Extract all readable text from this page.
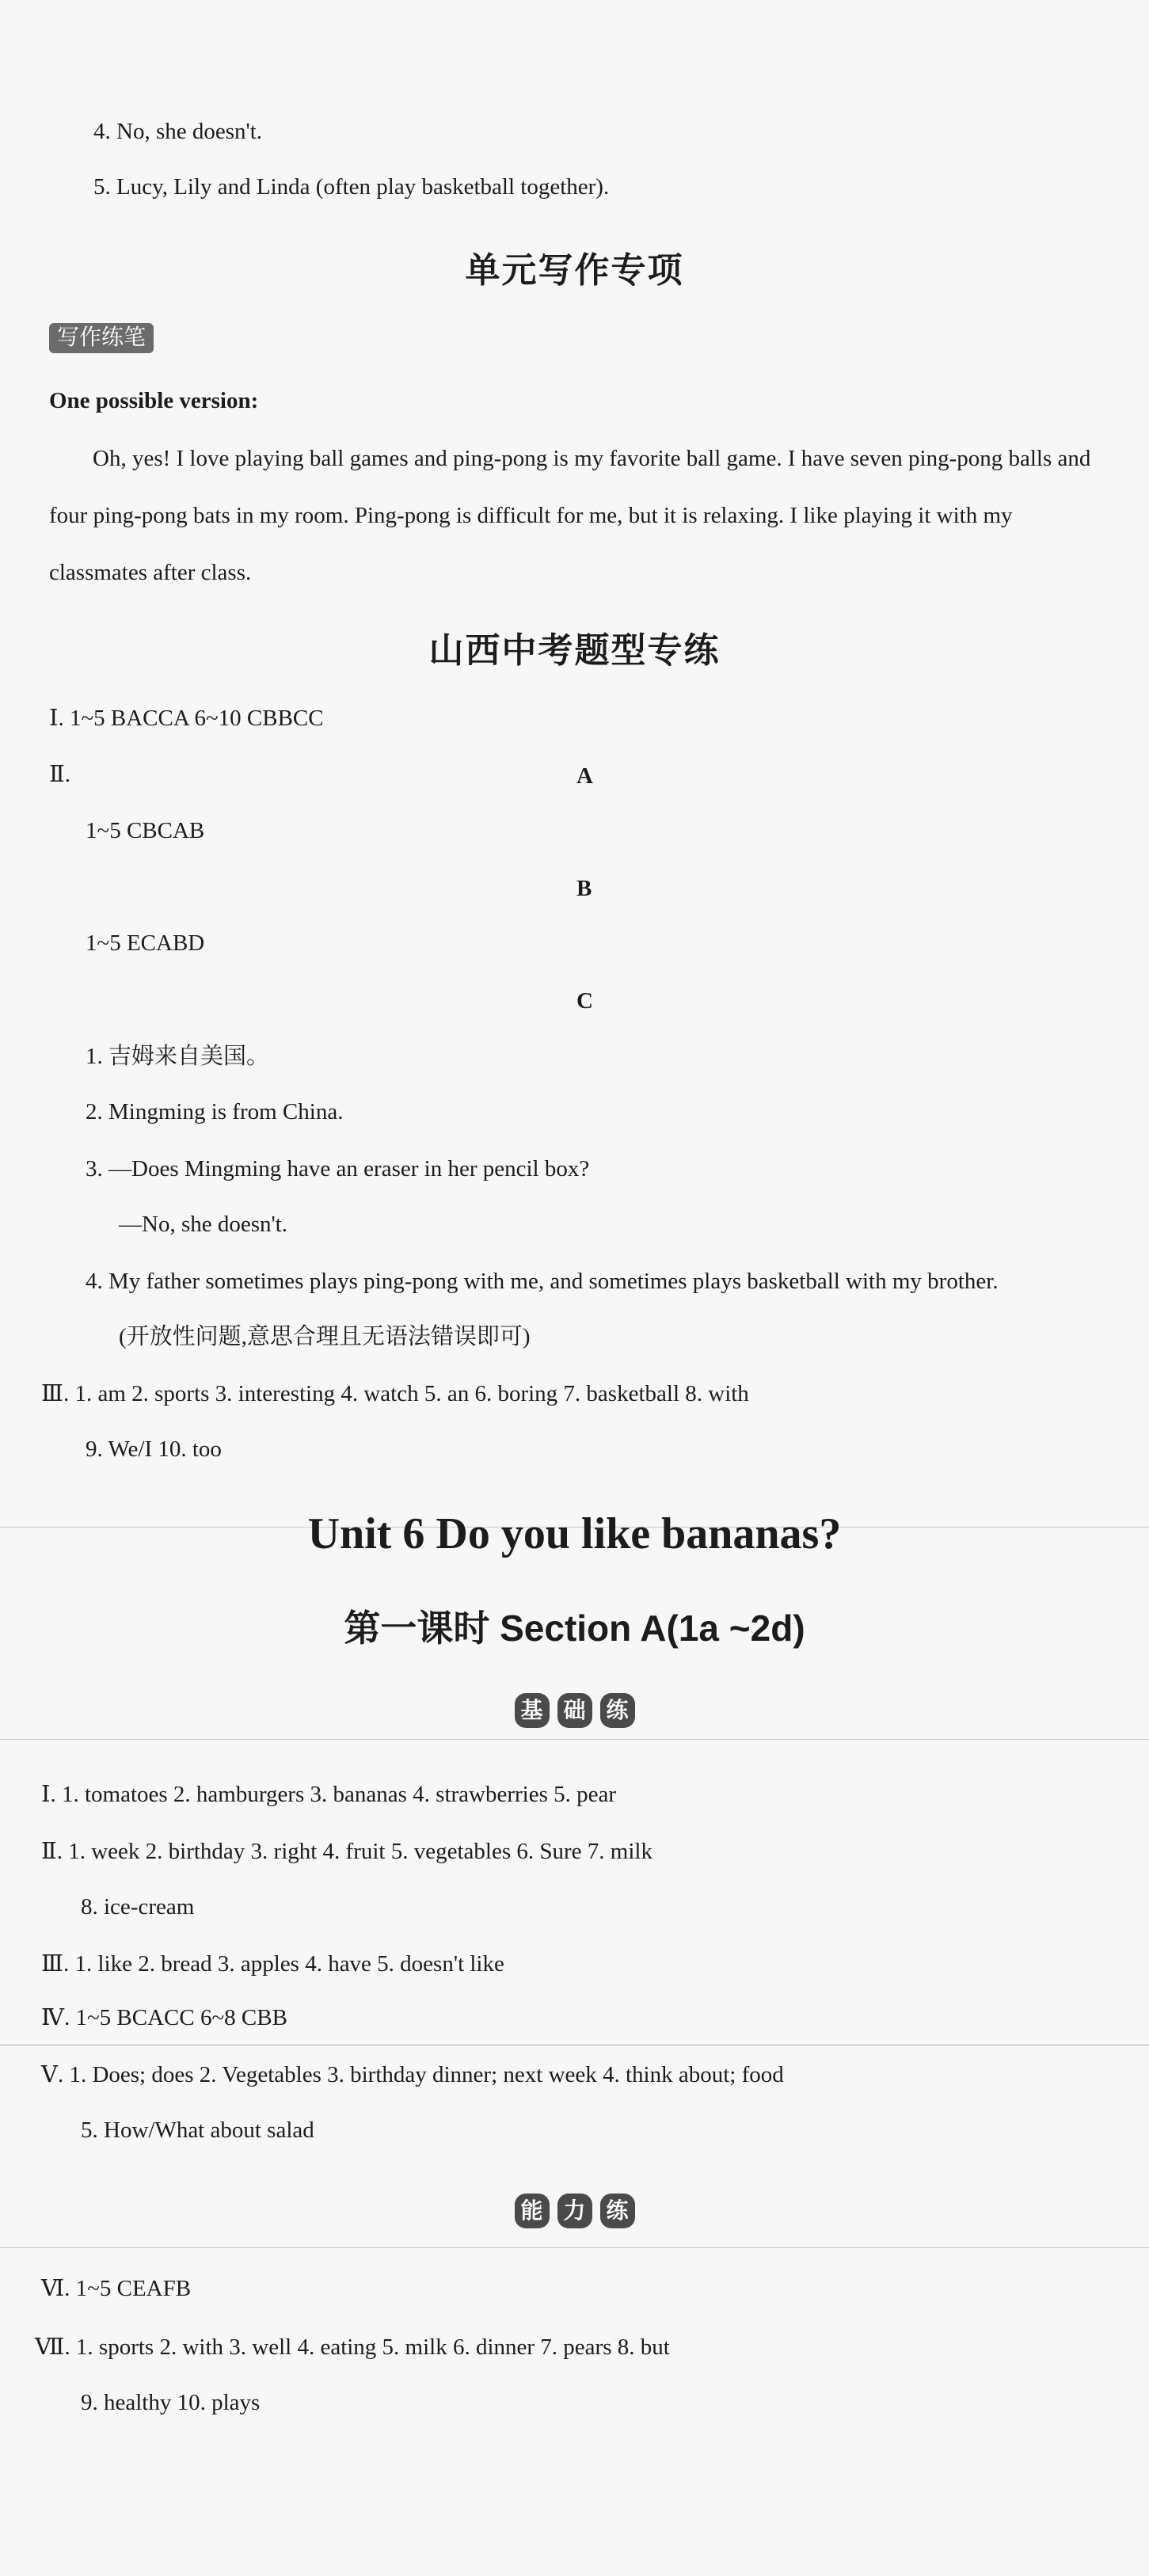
4. No, she doesn't.
5. Lucy, Lily and Linda (often play basketball together).
单元写作专项
写作练笔
One possible version:
Oh, yes! I love playing ball games and ping-pong is my favorite ball game. I have seven ping-pong balls and four ping-pong bats in my room. Ping-pong is difficult for me, but it is relaxing. I like playing it with my classmates after class.
山西中考题型专练
Ⅰ. 1~5 BACCA 6~10 CBBCC
Ⅱ.	A
1~5 CBCAB
B
1~5 ECABD
C
1. 吉姆来自美国。
2. Mingming is from China.
3. —Does Mingming have an eraser in her pencil box?
—No, she doesn't.
4. My father sometimes plays ping-pong with me, and sometimes plays basketball with my brother.
(开放性问题,意思合理且无语法错误即可)
Ⅲ. 1. am 2. sports 3. interesting 4. watch 5. an 6. boring 7. basketball 8. with
9. We/I 10. too
Unit 6 Do you like bananas?
第一课时 Section A(1a ~2d)
基 础 练
Ⅰ. 1. tomatoes 2. hamburgers 3. bananas 4. strawberries 5. pear
Ⅱ. 1. week 2. birthday 3. right 4. fruit 5. vegetables 6. Sure 7. milk
8. ice-cream
Ⅲ. 1. like 2. bread 3. apples 4. have 5. doesn't like
Ⅳ. 1~5 BCACC 6~8 CBB
Ⅴ. 1. Does; does 2. Vegetables 3. birthday dinner; next week 4. think about; food
5. How/What about salad
能 力 练
Ⅵ. 1~5 CEAFB
Ⅶ. 1. sports 2. with 3. well 4. eating 5. milk 6. dinner 7. pears 8. but
9. healthy 10. plays
